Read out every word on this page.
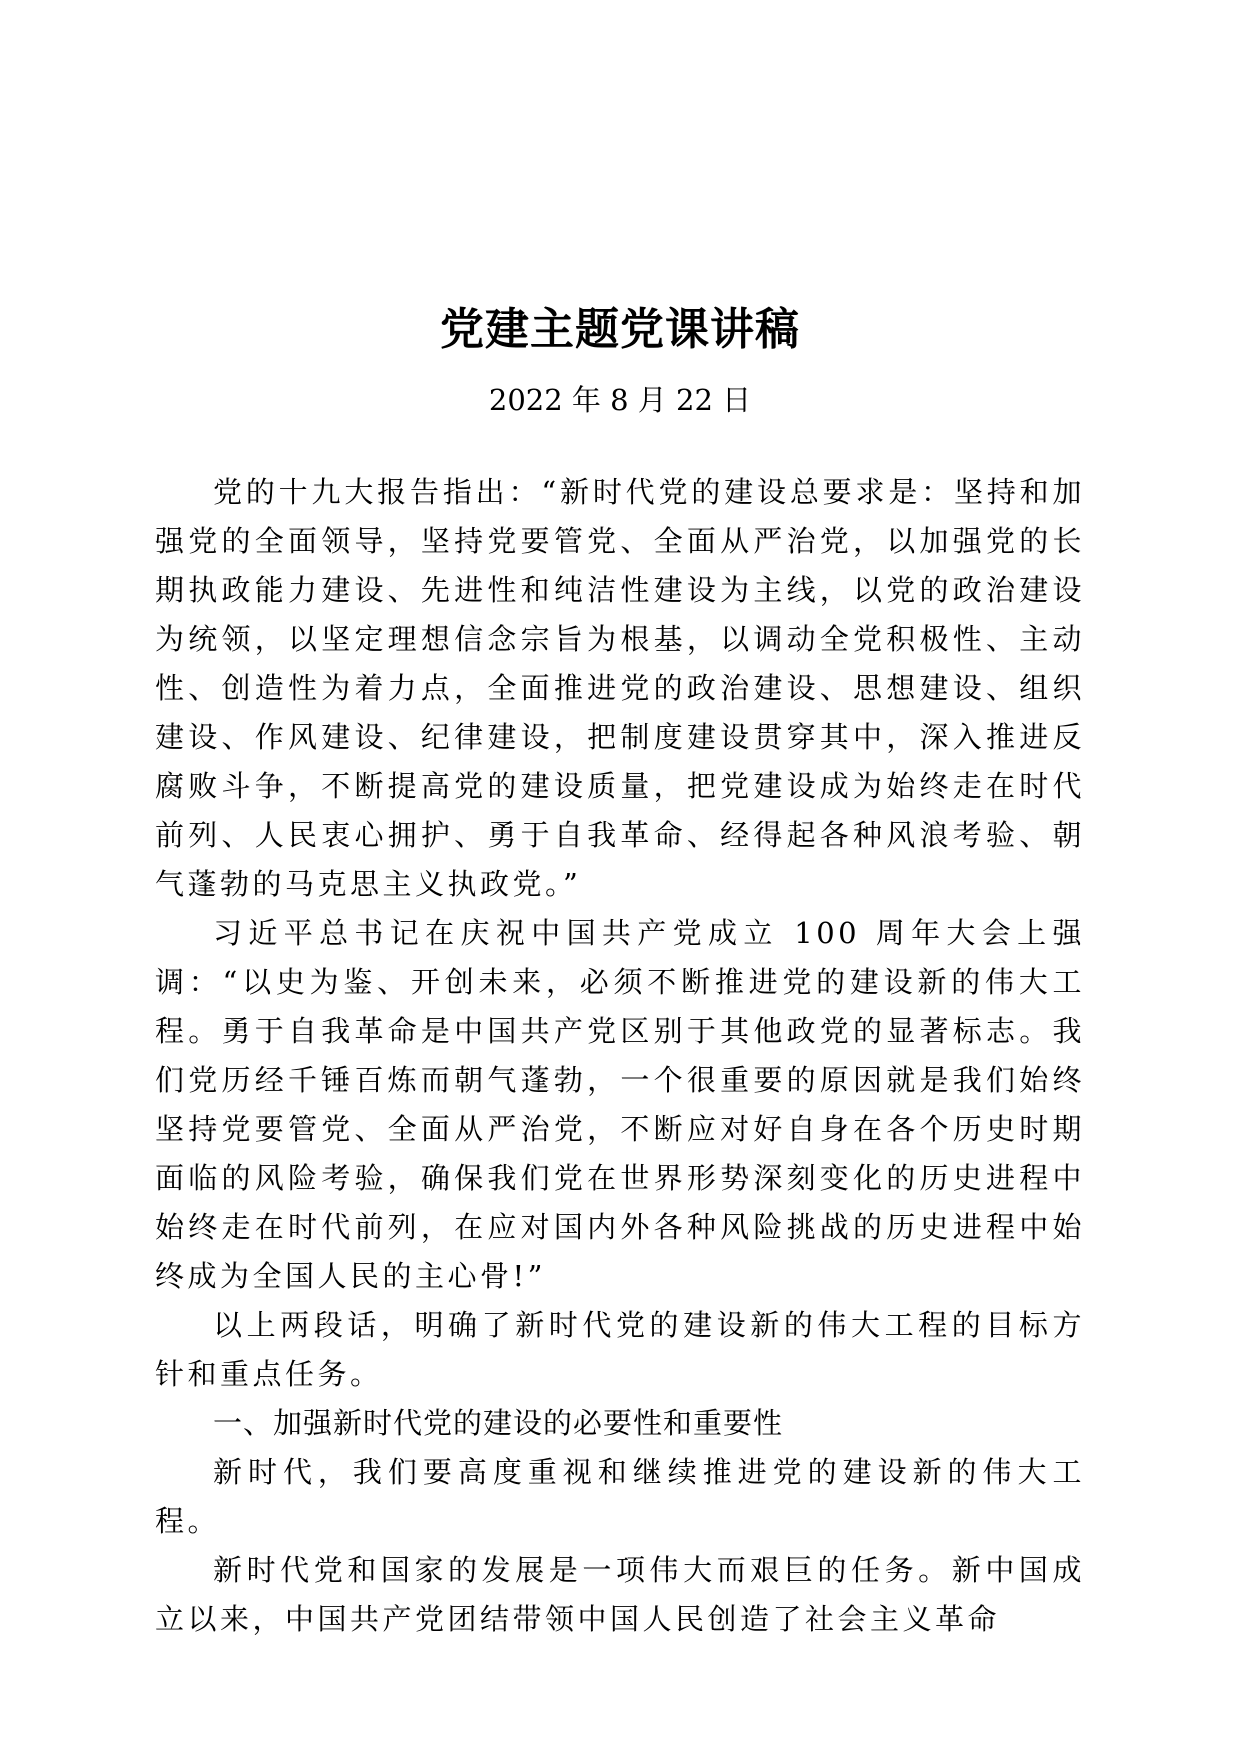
党建主题党课讲稿

2022 年 8 月 22 日

党的十九大报告指出：“新时代党的建设总要求是：坚持和加强党的全面领导，坚持党要管党、全面从严治党，以加强党的长期执政能力建设、先进性和纯洁性建设为主线，以党的政治建设为统领，以坚定理想信念宗旨为根基，以调动全党积极性、主动性、创造性为着力点，全面推进党的政治建设、思想建设、组织建设、作风建设、纪律建设，把制度建设贯穿其中，深入推进反腐败斗争，不断提高党的建设质量，把党建设成为始终走在时代前列、人民衷心拥护、勇于自我革命、经得起各种风浪考验、朝气蓬勃的马克思主义执政党。”

习近平总书记在庆祝中国共产党成立 100 周年大会上强调：“以史为鉴、开创未来，必须不断推进党的建设新的伟大工程。勇于自我革命是中国共产党区别于其他政党的显著标志。我们党历经千锤百炼而朝气蓬勃，一个很重要的原因就是我们始终坚持党要管党、全面从严治党，不断应对好自身在各个历史时期面临的风险考验，确保我们党在世界形势深刻变化的历史进程中始终走在时代前列，在应对国内外各种风险挑战的历史进程中始终成为全国人民的主心骨!”

以上两段话，明确了新时代党的建设新的伟大工程的目标方针和重点任务。

一、加强新时代党的建设的必要性和重要性

新时代，我们要高度重视和继续推进党的建设新的伟大工程。

新时代党和国家的发展是一项伟大而艰巨的任务。新中国成立以来，中国共产党团结带领中国人民创造了社会主义革命
